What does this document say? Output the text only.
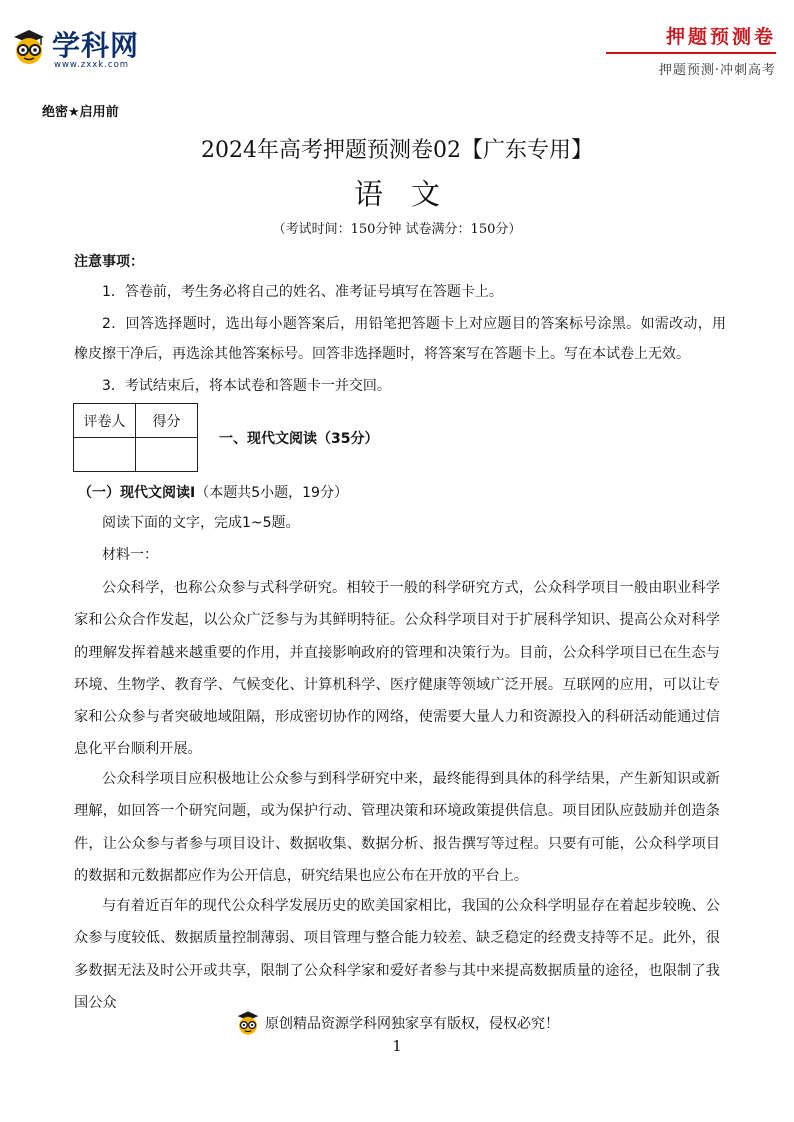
学科网
www.zxxk.com
押题预测卷
押题预测·冲刺高考
绝密★启用前
2024年高考押题预测卷02【广东专用】
语文
（考试时间：150分钟 试卷满分：150分）
注意事项：
1．答卷前，考生务必将自己的姓名、准考证号填写在答题卡上。
2．回答选择题时，选出每小题答案后，用铅笔把答题卡上对应题目的答案标号涂黑。如需改动，用橡皮擦干净后，再选涂其他答案标号。回答非选择题时，将答案写在答题卡上。写在本试卷上无效。
3．考试结束后，将本试卷和答题卡一并交回。
评卷人	得分

一、现代文阅读（35分）
（一）现代文阅读Ⅰ（本题共5小题，19分）
阅读下面的文字，完成1~5题。
材料一：
公众科学，也称公众参与式科学研究。相较于一般的科学研究方式，公众科学项目一般由职业科学家和公众合作发起，以公众广泛参与为其鲜明特征。公众科学项目对于扩展科学知识、提高公众对科学的理解发挥着越来越重要的作用，并直接影响政府的管理和决策行为。目前，公众科学项目已在生态与环境、生物学、教育学、气候变化、计算机科学、医疗健康等领域广泛开展。互联网的应用，可以让专家和公众参与者突破地域阻隔，形成密切协作的网络，使需要大量人力和资源投入的科研活动能通过信息化平台顺利开展。
公众科学项目应积极地让公众参与到科学研究中来，最终能得到具体的科学结果，产生新知识或新理解，如回答一个研究问题，或为保护行动、管理决策和环境政策提供信息。项目团队应鼓励并创造条件，让公众参与者参与项目设计、数据收集、数据分析、报告撰写等过程。只要有可能，公众科学项目的数据和元数据都应作为公开信息，研究结果也应公布在开放的平台上。
与有着近百年的现代公众科学发展历史的欧美国家相比，我国的公众科学明显存在着起步较晚、公众参与度较低、数据质量控制薄弱、项目管理与整合能力较差、缺乏稳定的经费支持等不足。此外，很多数据无法及时公开或共享，限制了公众科学家和爱好者参与其中来提高数据质量的途径，也限制了我国公众
原创精品资源学科网独家享有版权，侵权必究！
1
